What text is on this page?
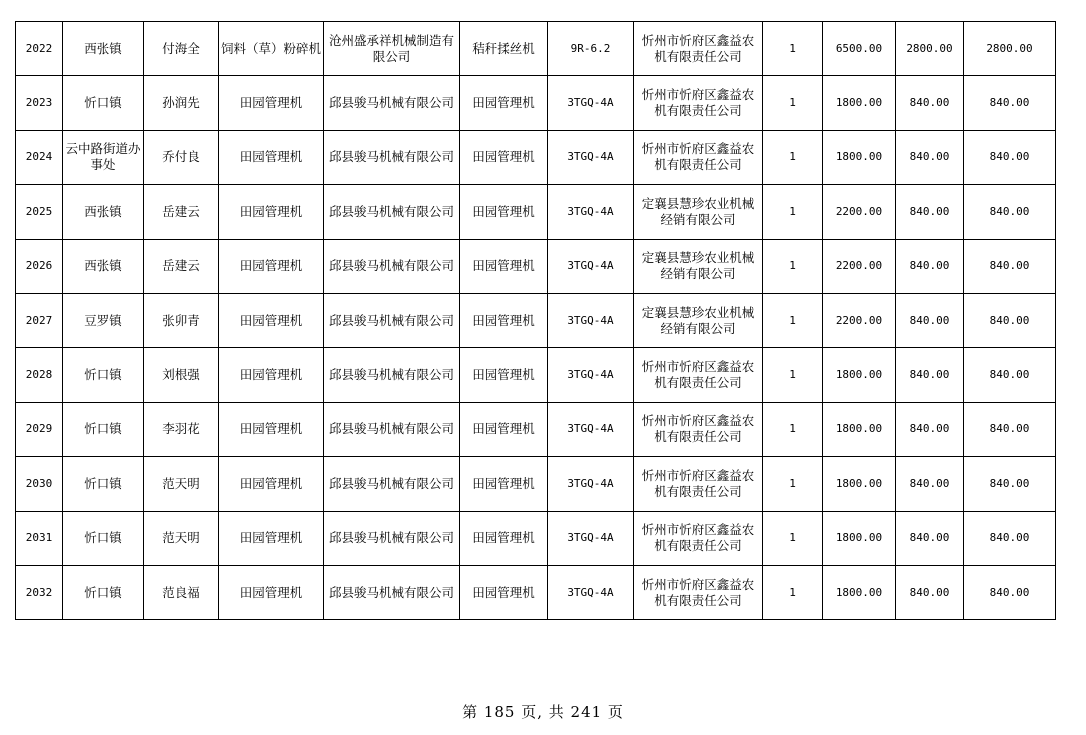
2022	西张镇	付海全	饲料（草）粉碎机	沧州盛承祥机械制造有限公司	秸秆揉丝机	9R-6.2	忻州市忻府区鑫益农机有限责任公司	1	6500.00	2800.00	2800.00
2023	忻口镇	孙润先	田园管理机	邱县骏马机械有限公司	田园管理机	3TGQ-4A	忻州市忻府区鑫益农机有限责任公司	1	1800.00	840.00	840.00
2024	云中路街道办事处	乔付良	田园管理机	邱县骏马机械有限公司	田园管理机	3TGQ-4A	忻州市忻府区鑫益农机有限责任公司	1	1800.00	840.00	840.00
2025	西张镇	岳建云	田园管理机	邱县骏马机械有限公司	田园管理机	3TGQ-4A	定襄县慧珍农业机械经销有限公司	1	2200.00	840.00	840.00
2026	西张镇	岳建云	田园管理机	邱县骏马机械有限公司	田园管理机	3TGQ-4A	定襄县慧珍农业机械经销有限公司	1	2200.00	840.00	840.00
2027	豆罗镇	张卯青	田园管理机	邱县骏马机械有限公司	田园管理机	3TGQ-4A	定襄县慧珍农业机械经销有限公司	1	2200.00	840.00	840.00
2028	忻口镇	刘根强	田园管理机	邱县骏马机械有限公司	田园管理机	3TGQ-4A	忻州市忻府区鑫益农机有限责任公司	1	1800.00	840.00	840.00
2029	忻口镇	李羽花	田园管理机	邱县骏马机械有限公司	田园管理机	3TGQ-4A	忻州市忻府区鑫益农机有限责任公司	1	1800.00	840.00	840.00
2030	忻口镇	范天明	田园管理机	邱县骏马机械有限公司	田园管理机	3TGQ-4A	忻州市忻府区鑫益农机有限责任公司	1	1800.00	840.00	840.00
2031	忻口镇	范天明	田园管理机	邱县骏马机械有限公司	田园管理机	3TGQ-4A	忻州市忻府区鑫益农机有限责任公司	1	1800.00	840.00	840.00
2032	忻口镇	范良福	田园管理机	邱县骏马机械有限公司	田园管理机	3TGQ-4A	忻州市忻府区鑫益农机有限责任公司	1	1800.00	840.00	840.00
第 185 页, 共 241 页
